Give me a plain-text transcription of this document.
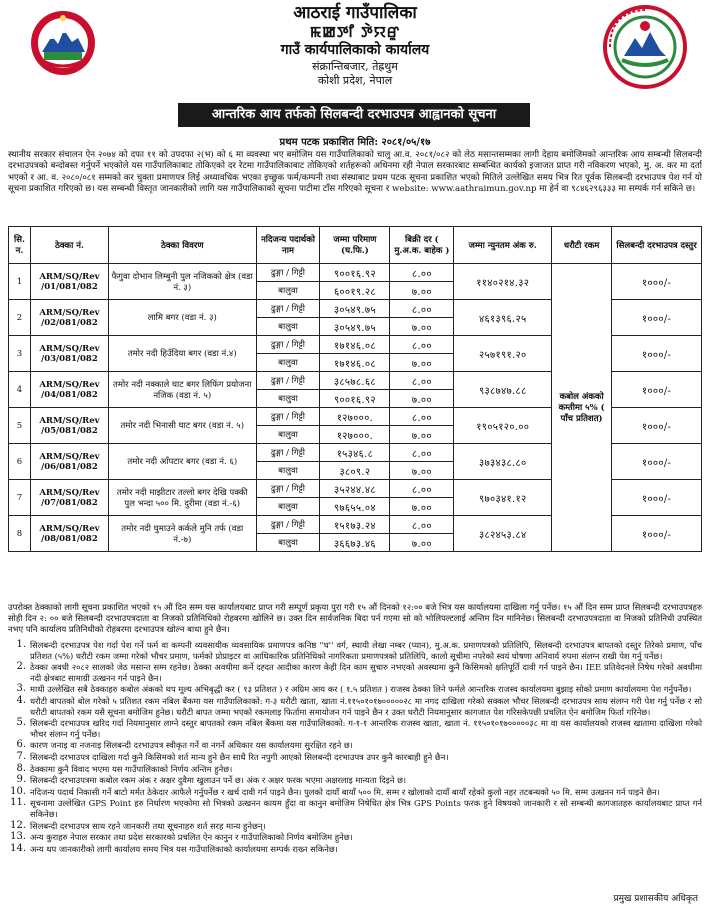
आठराई गाउँपालिका
ꯃꯀꯇꯤ ꯇꯥꯌꯔꯨ
गाउँ कार्यपालिकाको कार्यालय
संक्रान्तिबजार, तेह्रथुम
कोशी प्रदेश, नेपाल
आन्तरिक आय तर्फको सिलबन्दी दरभाउपत्र आह्वानको सूचना
प्रथम पटक प्रकाशित मिति: २०८१/०५/१७
स्थानीय सरकार संचालन ऐन २०७४ को दफा ११ को उपदफा २(भ) को ६ मा व्यवस्था भए बमोजिम यस गाउँपालिकाको चालु आ.व. २०८१/०८२ को लेठ मसान्तसम्मका लागी देहाय बमोजिमको आन्तरिक आय सम्बन्धी सिलबन्दी दरभाउपत्रको बन्दोबस्त गर्नुपर्ने भएकोले यस गाउँपालिकाबाट तोकिएको दर रेटमा गाउँपालिकाबाट तोकिएको शर्तहरूको अधिनमा रही नेपाल सरकारबाट सम्बन्धित कार्यको इजाजत प्राप्त गरी नविकरण भएको, मु. अ. कर मा दर्ता भएको र आ. व. २०८०/०८१ सम्मको कर चुक्ता प्रमाणपत्र लिई अध्यावधिक भएका इच्छुक फर्म/कम्पनी तथा संस्थाबाट प्रथम पटक सूचना प्रकाशित भएको मितिले उल्लेखित समय भित्र रित पूर्वक सिलबन्दी दरभाउपत्र पेश गर्न यो सूचना प्रकाशित गरिएको छ। यस सम्बन्धी विस्तृत जानकारीको लागि यस गाउँपालिकाको सूचना पाटीमा टाँस गरिएको सूचना र website: www.aathraimun.gov.np मा हेर्न वा ९८४६२९६३३३ मा सम्पर्क गर्न सकिने छ।
सि. न.	ठेक्का नं.	ठेक्का विवरण	नदिजन्य पदार्थको नाम	जम्मा परिमाण (घ.फि.)	बिक्री दर ( मु.अ.क. बाहेक )	जम्मा न्युनतम अंक रु.	धरौटी रकम	सिलबन्दी दरभाउपत्र दस्तुर
1	ARM/SQ/Rev /01/081/082	फैगुवा दोभान लिम्बुनी पुल नजिकको क्षेत्र (वडा नं. ३)	ढुङ्गा / गिट्टी	९००१६.९२	८.००	११४०२१४.३२	कबोल अंकको कम्तीमा ५% ( पाँच प्रतिशत)	१०००/-
			बालुवा	६००१९.२८	७.००			
2	ARM/SQ/Rev /02/081/082	लामि बगर (वडा नं. ३)	ढुङ्गा / गिट्टी	३०५४९.७५	८.००	४६१३९६.२५		१०००/-
			बालुवा	३०५४९.७५	७.००			
3	ARM/SQ/Rev /03/081/082	तमोर नदी हिउँदिया बगर (वडा नं.४)	ढुङ्गा / गिट्टी	१७१४६.०८	८.००	२५७१९१.२०		१०००/-
			बालुवा	१७१४६.०८	७.००			
4	ARM/SQ/Rev /04/081/082	तमोर नदी नक्काले घाट बगर लिफिंग प्रयोजना नजिक (वडा नं. ५)	ढुङ्गा / गिट्टी	३८५७८.६८	८.००	९३८७४७.८८		१०००/-
			बालुवा	९००१६.९२	७.००			
5	ARM/SQ/Rev /05/081/082	तमोर नदी भिनासी घाट बगर (वडा नं. ५)	ढुङ्गा / गिट्टी	१२७०००.	८.००	१९०५१२०.००		१०००/-
			बालुवा	१२७०००.	७.००			
6	ARM/SQ/Rev /06/081/082	तमोर नदी आँपटार बगर (वडा नं. ६)	ढुङ्गा / गिट्टी	१५३४६.८	८.००	३७३४३८.८०		१०००/-
			बालुवा	३८०९.२	७.००			
7	ARM/SQ/Rev /07/081/082	तमोर नदी माझीटार तल्लो बगर देखि पक्की पुल भन्दा ५०० मि. दुरीमा (वडा नं.-६)	ढुङ्गा / गिट्टी	३५२४४.४८	८.००	९७०३४१.१२		१०००/-
			बालुवा	९७६५५.०४	७.००			
8	ARM/SQ/Rev /08/081/082	तमोर नदी घुमाउने कर्कले मुनि तर्फ (वडा नं.-७)	ढुङ्गा / गिट्टी	१५१७३.२४	८.००	३८२४५३.८४		१०००/-
			बालुवा	३६६७३.४६	७.००			
उपरोक्त ठेक्काको लागी सूचना प्रकाशित भएको १५ औं दिन सम्म यस कार्यालयबाट प्राप्त गरी सम्पूर्ण प्रकृया पुरा गरी १५ औं दिनको १२:०० बजे भित्र यस कार्यालयमा दाखिला गर्नु पर्नेछ। १५ औं दिन सम्म प्राप्त सिलबन्दी दरभाउपत्रहरु सोही दिन २: ०० बजे सिलबन्दी दरभाउपत्रदाता वा निजको प्रतिनिधिको रोहबरमा खोलिने छ। उक्त दिन सार्वजनिक बिदा पर्न गएमा सो को भोलिपल्टलाई अन्तिम दिन मानिनेछ। सिलबन्दी दरभाउपत्रदाता वा निजको प्रतिनिधी उपस्थित नभए पनि कार्यालय प्रतिनिधीको रोहबरमा दरभाउपत्र खोल्न बाधा हुने छैन।
1. सिलबन्दी दरभाउपत्र पेश गर्दा पेश गर्ने फर्म वा कम्पनी व्यवसायीक व्यवसायिक प्रमाणपत्र कनिष्ठ ''घ'' वर्ग, स्थायी लेखा नम्बर (प्यान), मु.अ.क. प्रमाणपत्रको प्रतिलिपि, सिलबन्दी दरभाउपत्र बापतको दस्तुर तिरेको प्रमाण, पाँच प्रतिशत (५%) धरौटी रकम जम्मा गरेको भौचर प्रमाण, फर्मको प्रोप्राइटर वा आधिकारिक प्रतिनिधिको नागरिकता प्रमाणपत्रको प्रतिलिपि, कालो सूचीमा नपरेको स्वयं घोषणा अनिवार्य रुपमा संलग्न राखी पेश गर्नु पर्नेछ।
2. ठेक्का अवधी २०८२ सालको जेठ मसान्त सम्म रहनेछ। ठेक्का अवधीमा कर्ने दह्दत आदीका कारण केही दिन काम सुचारु नभएको अवस्थामा कुनै किसिमको क्षतिपूर्ति दावी गर्न पाइने छैन। IEE प्रतिवेदनले निषेध गरेको अवधीमा नदी क्षेत्रबाट सामाग्री उत्खनन गर्न पाइने छैन।
3. माथी उल्लेखित सबै ठेक्काहरु कबोल अंकको थप मूल्य अभिबृद्धी कर ( १३ प्रतिशत ) र अग्रिम आय कर ( १.५ प्रतिशत ) राजस्व ठेक्का लिने फर्मले आन्तरिक राजस्व कार्यालयमा बुझाइ सोको प्रमाण कार्यालयमा पेश गर्नुपर्नेछ।
4. धरौटी बापतको बोल गरेको ५ प्रतिशत रकम नबिल बैंकमा यस गाउँपालिकाको: ग-३ धरौटी खाता, खाता नं.११५०१०१७०००००२८ मा नगद दाखिला गरेको सक्कल भौचर सिलबन्दी दरभाउपत्र साथ संलग्न गरी पेश गर्नु पर्नेछ र सो धरौटी बापतको रकम यसै सूचना बमोजिम हुनेछ। धरौटी बापत जम्मा भएको रकमलाइ फिर्तामा समायोजन गर्न पाइने छैन र उक्त धरौटी नियमानुसार कागजात पेश गरिसकेपछी प्रचलित ऐन बमोजिम फिर्ता गरिनेछ।
5. सिलबन्दी दरभाउपत्र खरिद गर्दा नियमानुसार लाग्ने दस्तुर बापतको रकम नबिल बैंकमा यस गाउँपालिकाको: ग-१-१ आन्तरिक राजस्व खाता, खाता नं. ११५०१०१७०००००३८ मा वा यस कार्यालयको राजस्व खातामा दाखिला गरेको भौचर संलग्न गर्नु पर्नेछ।
6. कारण जनाइ वा नजनाइ सिलबन्दी दरभाउपत्र स्वीकृत गर्ने वा नगर्ने अधिकार यस कार्यालयमा सुरक्षित रहने छ।
7. सिलबन्दी दरभाउपत्र दाखिला गर्दा कुनै किसिमको शर्त मान्य हुने छैन साथै रित नपुगी आएको सिलबन्दी दरभाउपत्र उपर कुनै कारबाही हुने छैन।
8. ठेक्कामा कुनै विवाद भएमा यस गाउँपालिकाको निर्णय अन्तिम हुनेछ।
9. सिलबन्दी दरभाउपत्रमा कबोल रकम अंक र अक्षर दुवैमा खुलाउन पर्ने छ। अंक र अक्षर फरक भएमा अक्षरलाइ मान्यता दिइने छ।
10. नदिजन्य पदार्थ निकासी गर्ने बाटो मर्मत ठेकेदार आफैले गर्नुपर्नेछ र खर्च दावी गर्न पाइने छैन। पुलको दायाँ बायाँ ५०० मि. सम्म र खोलाको दायाँ बायाँ रहेको कुलो नहर तटबन्धको ५० मि. सम्म उत्खनन गर्न पाइने छैन।
11. सूचनामा उल्लेखित GPS Point हरु निर्धारण भएकोमा सो भित्रको उत्खनन कायम हुँदा वा कानुन बमोजिम निषेधित क्षेत्र भित्र GPS Points फरक हुने विषयको जानकारी र सो सम्बन्धी कागजातहरु कार्यालयबाट प्राप्त गर्न सकिनेछ।
12. सिलबन्दी दरभाउपत्र साथ रहने जानकारी तथा सूचनाहरु शर्त सरह मान्य हुनेछन्।
13. अन्य कुराहरु नेपाल सरकार तथा प्रदेश सरकारको प्रचलित ऐन कानुन र गाउँपालिकाको निर्णय बमोजिम हुनेछ।
14. अन्य थप जानकारीको लागी कार्यालय समय भित्र यस गाउँपालिकाको कार्यालयमा सम्पर्क राख्न सकिनेछ।
प्रमुख प्रशासकीय अधिकृत
